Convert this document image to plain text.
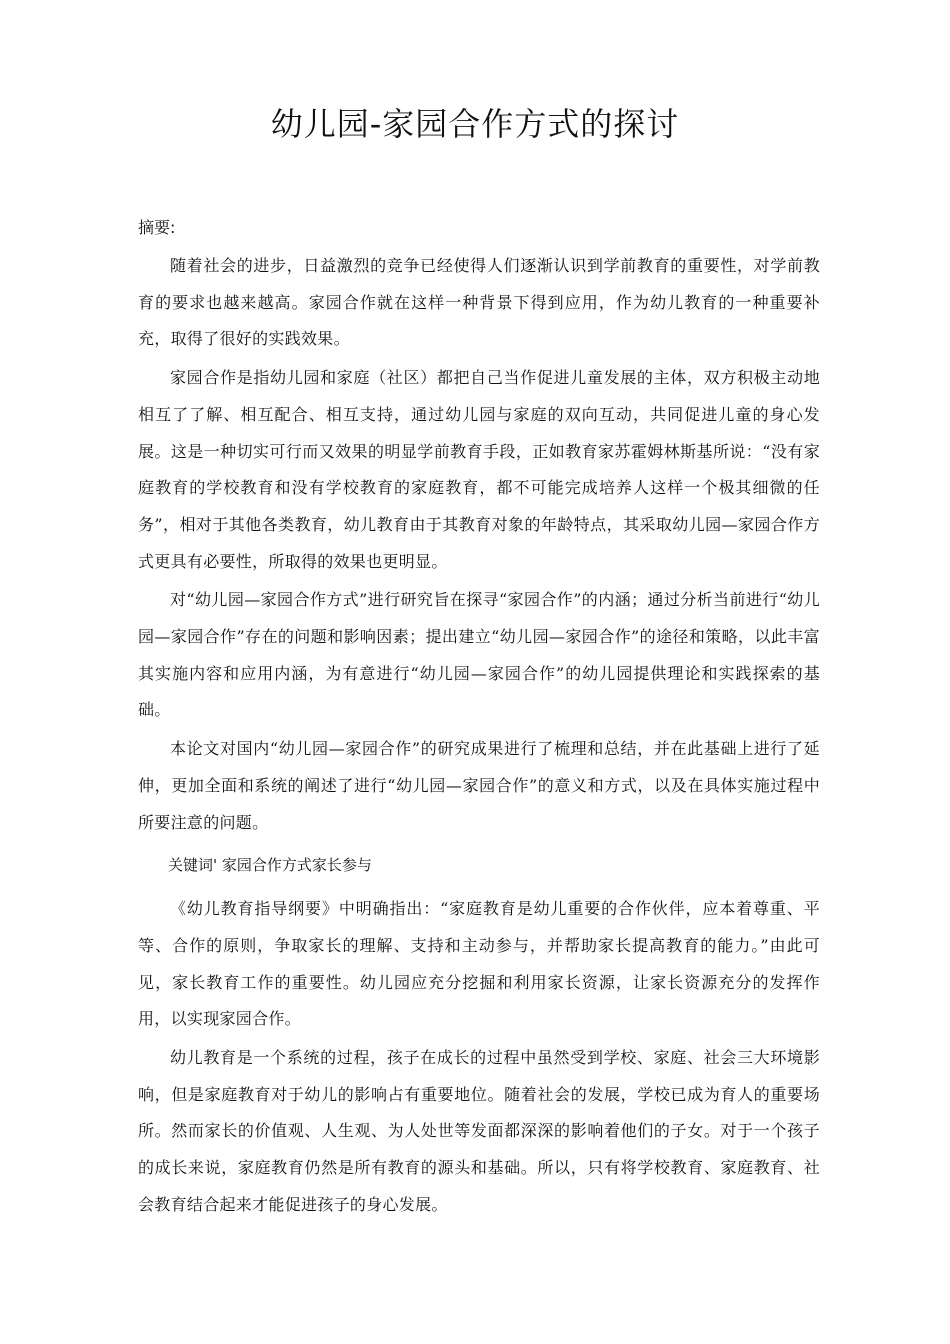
幼儿园-家园合作方式的探讨

摘要:

随着社会的进步，日益激烈的竞争已经使得人们逐渐认识到学前教育的重要性，对学前教育的要求也越来越高。家园合作就在这样一种背景下得到应用，作为幼儿教育的一种重要补充，取得了很好的实践效果。

家园合作是指幼儿园和家庭（社区）都把自己当作促进儿童发展的主体，双方积极主动地相互了了解、相互配合、相互支持，通过幼儿园与家庭的双向互动，共同促进儿童的身心发展。这是一种切实可行而又效果的明显学前教育手段，正如教育家苏霍姆林斯基所说：“没有家庭教育的学校教育和没有学校教育的家庭教育，都不可能完成培养人这样一个极其细微的任务”，相对于其他各类教育，幼儿教育由于其教育对象的年龄特点，其采取幼儿园—家园合作方式更具有必要性，所取得的效果也更明显。

对“幼儿园—家园合作方式”进行研究旨在探寻“家园合作”的内涵；通过分析当前进行“幼儿园—家园合作”存在的问题和影响因素；提出建立“幼儿园—家园合作”的途径和策略，以此丰富其实施内容和应用内涵，为有意进行“幼儿园—家园合作”的幼儿园提供理论和实践探索的基础。

本论文对国内“幼儿园—家园合作”的研究成果进行了梳理和总结，并在此基础上进行了延伸，更加全面和系统的阐述了进行“幼儿园—家园合作”的意义和方式，以及在具体实施过程中所要注意的问题。

关键词' 家园合作方式家长参与

《幼儿教育指导纲要》中明确指出：“家庭教育是幼儿重要的合作伙伴，应本着尊重、平等、合作的原则，争取家长的理解、支持和主动参与，并帮助家长提高教育的能力。”由此可见，家长教育工作的重要性。幼儿园应充分挖掘和利用家长资源，让家长资源充分的发挥作用，以实现家园合作。

幼儿教育是一个系统的过程，孩子在成长的过程中虽然受到学校、家庭、社会三大环境影响，但是家庭教育对于幼儿的影响占有重要地位。随着社会的发展，学校已成为育人的重要场所。然而家长的价值观、人生观、为人处世等发面都深深的影响着他们的子女。对于一个孩子的成长来说，家庭教育仍然是所有教育的源头和基础。所以，只有将学校教育、家庭教育、社会教育结合起来才能促进孩子的身心发展。
